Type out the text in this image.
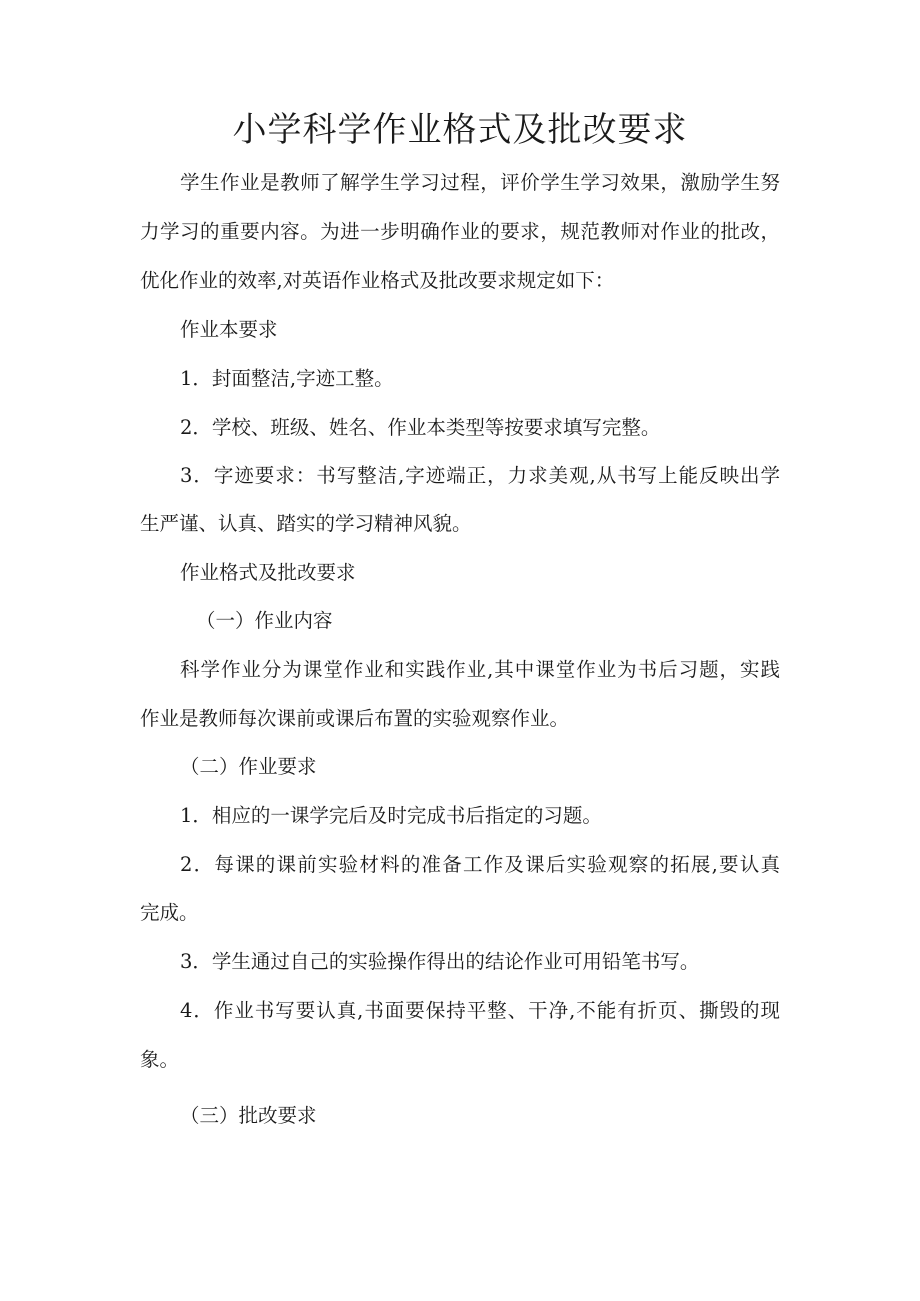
小学科学作业格式及批改要求
学生作业是教师了解学生学习过程，评价学生学习效果，激励学生努
力学习的重要内容。为进一步明确作业的要求，规范教师对作业的批改，
优化作业的效率,对英语作业格式及批改要求规定如下：
作业本要求
1．封面整洁,字迹工整。
2．学校、班级、姓名、作业本类型等按要求填写完整。
3．字迹要求：书写整洁,字迹端正，力求美观,从书写上能反映出学
生严谨、认真、踏实的学习精神风貌。
作业格式及批改要求
（一）作业内容
科学作业分为课堂作业和实践作业,其中课堂作业为书后习题，实践
作业是教师每次课前或课后布置的实验观察作业。
（二）作业要求
1．相应的一课学完后及时完成书后指定的习题。
2．每课的课前实验材料的准备工作及课后实验观察的拓展,要认真
完成。
3．学生通过自己的实验操作得出的结论作业可用铅笔书写。
4．作业书写要认真,书面要保持平整、干净,不能有折页、撕毁的现
象。
（三）批改要求
